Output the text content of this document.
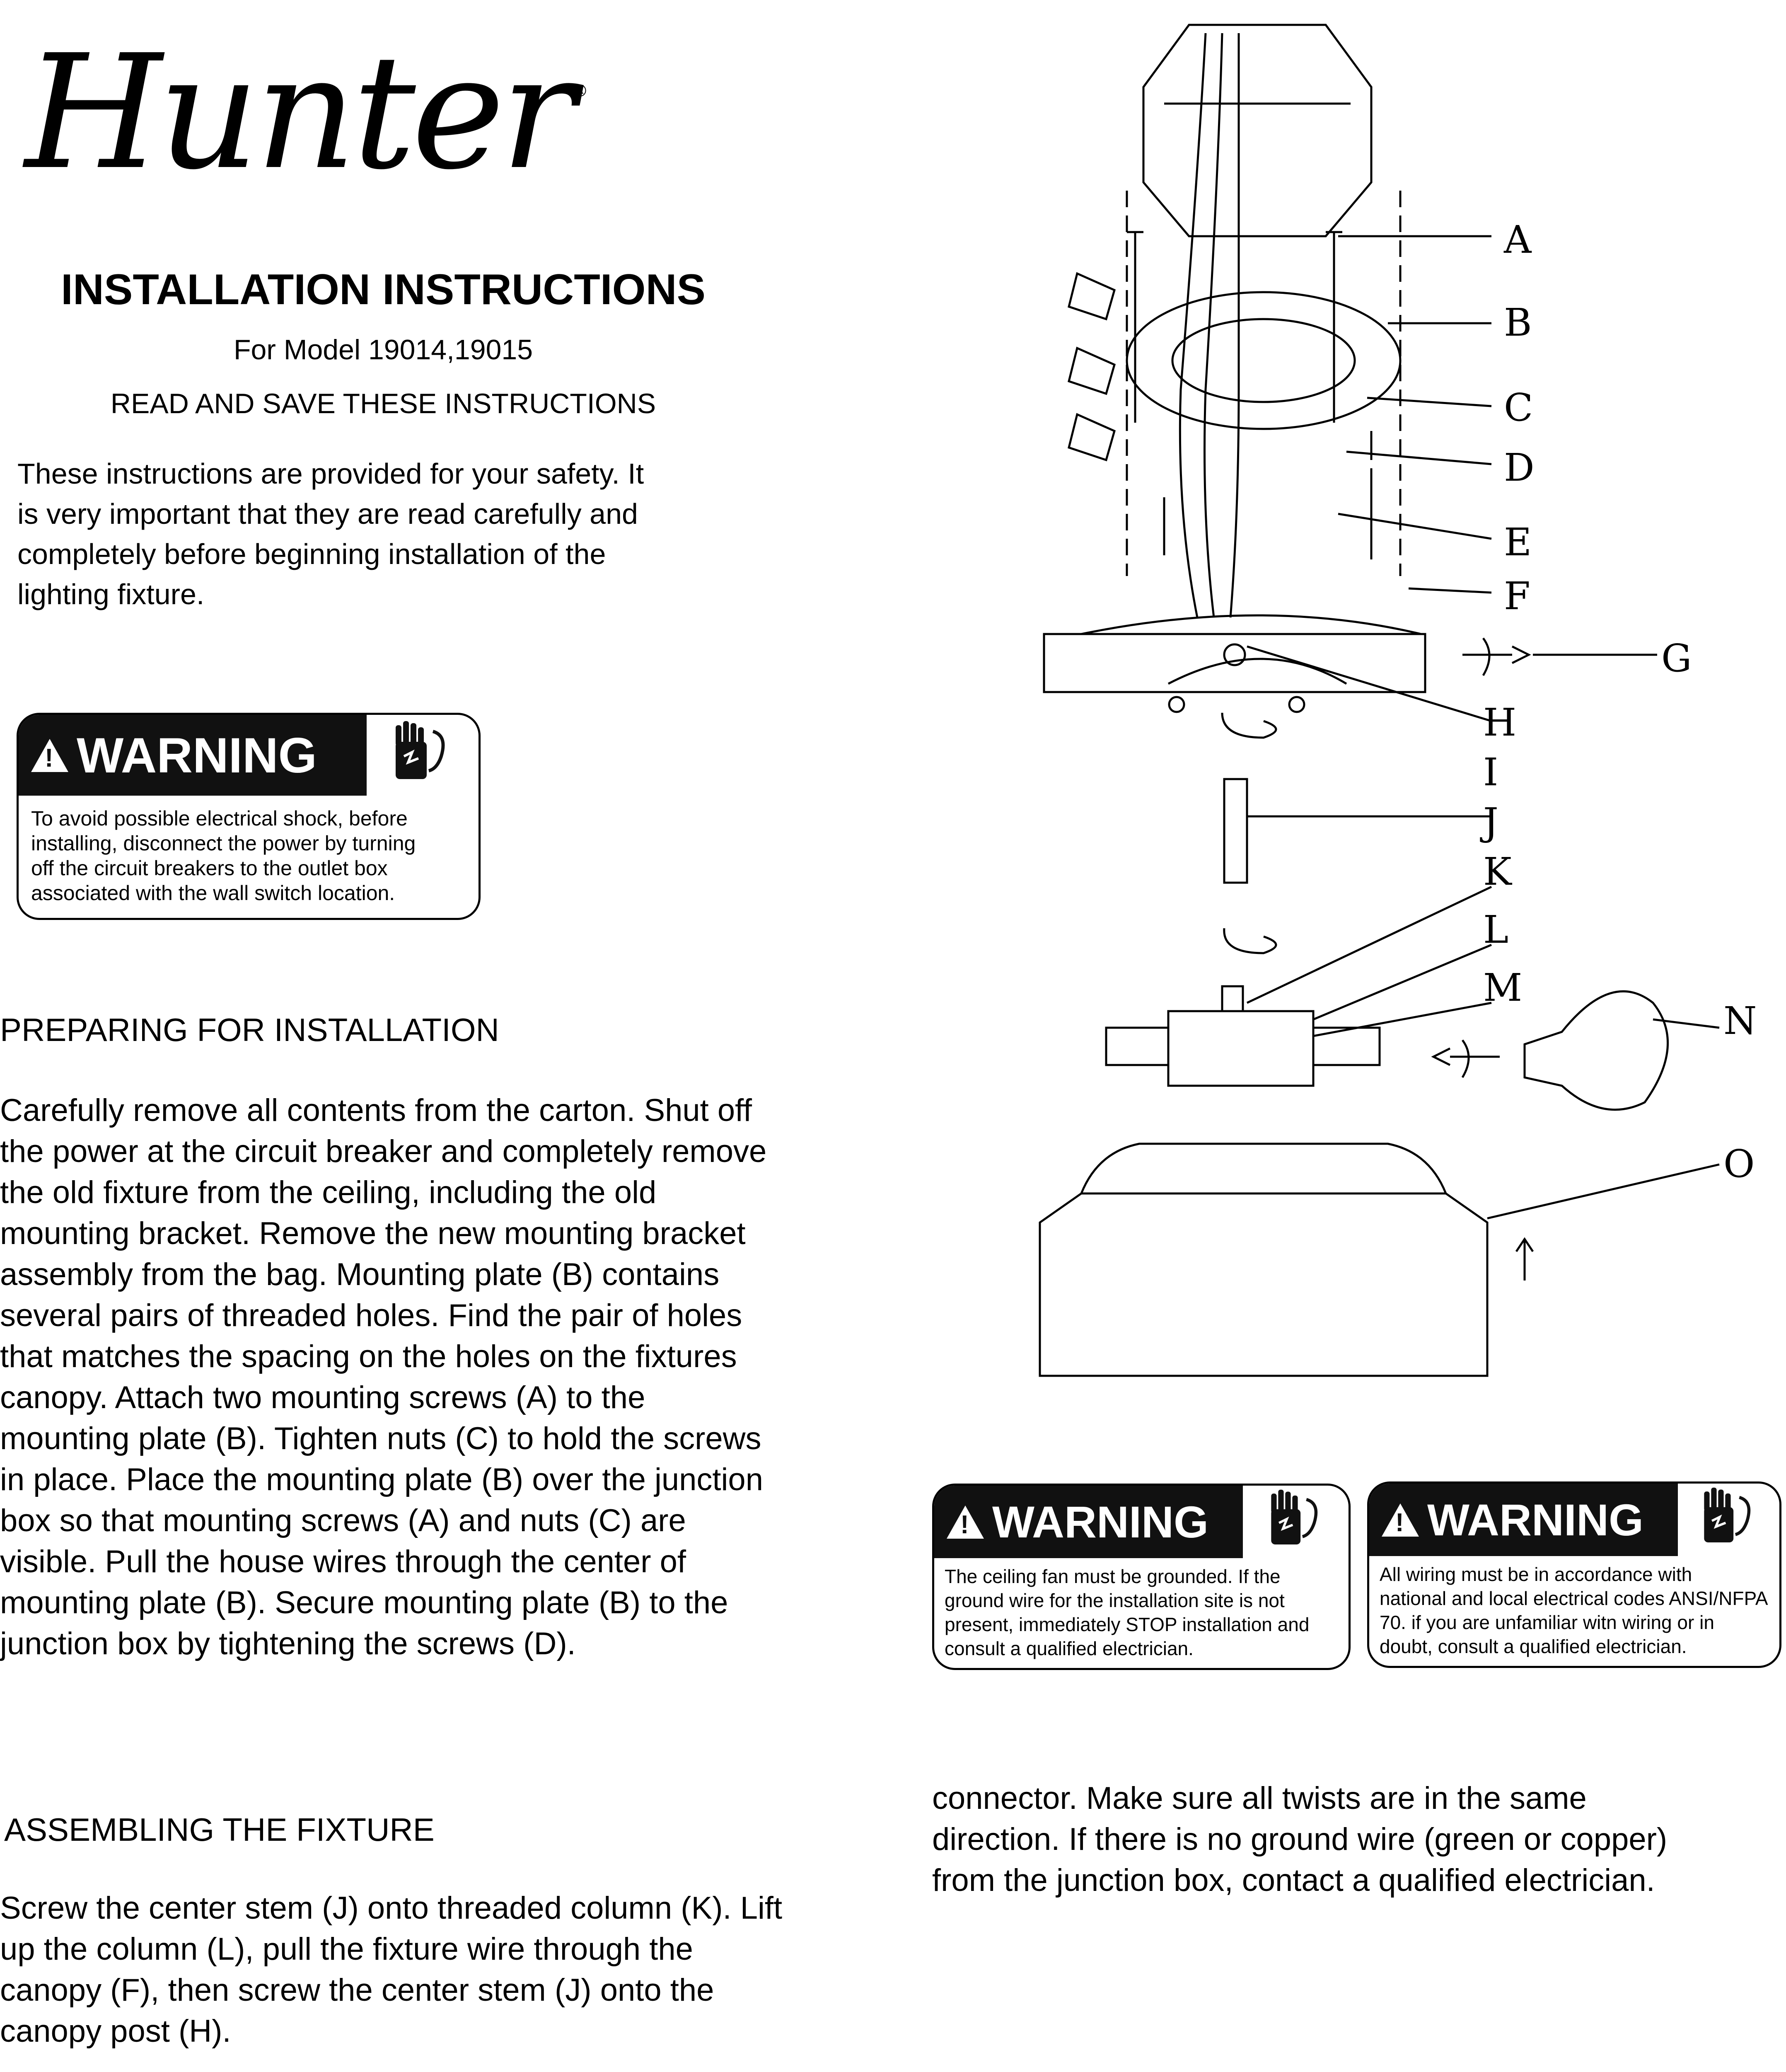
Hunter®
INSTALLATION INSTRUCTIONS
For Model 19014,19015
READ AND SAVE THESE INSTRUCTIONS
These instructions are provided for your safety. It
is very important that they are read carefully and
completely before beginning installation of the
lighting fixture.
! WARNING
To avoid possible electrical shock, before
installing, disconnect the power by turning
off the circuit breakers to the outlet box
associated with the wall switch location.
PREPARING FOR INSTALLATION
Carefully remove all contents from the carton. Shut off
the power at the circuit breaker and completely remove
the old fixture from the ceiling, including the old
mounting bracket. Remove the new mounting bracket
assembly from the bag. Mounting plate (B) contains
several pairs of threaded holes. Find the pair of holes
that matches the spacing on the holes on the fixtures
canopy. Attach two mounting screws (A) to the
mounting plate (B). Tighten nuts (C) to hold the screws
in place. Place the mounting plate (B) over the junction
box so that mounting screws (A) and nuts (C) are
visible. Pull the house wires through the center of
mounting plate (B). Secure mounting plate (B) to the
junction box by tightening the screws (D).
ASSEMBLING THE FIXTURE
Screw the center stem (J) onto threaded column (K). Lift
up the column (L), pull the fixture wire through the
canopy (F), then screw the center stem (J) onto the
canopy post (H).
connector. Make sure all twists are in the same
direction. If there is no ground wire (green or copper)
from the junction box, contact a qualified electrician.
A
B
C
D
E
F
G
H
I
J
K
L
M
N
O
! WARNING
The ceiling fan must be grounded. If the
ground wire for the installation site is not
present, immediately STOP installation and
consult a qualified electrician.
! WARNING
All wiring must be in accordance with
national and local electrical codes ANSI/NFPA
70. if you are unfamiliar witn wiring or in
doubt, consult a qualified electrician.
